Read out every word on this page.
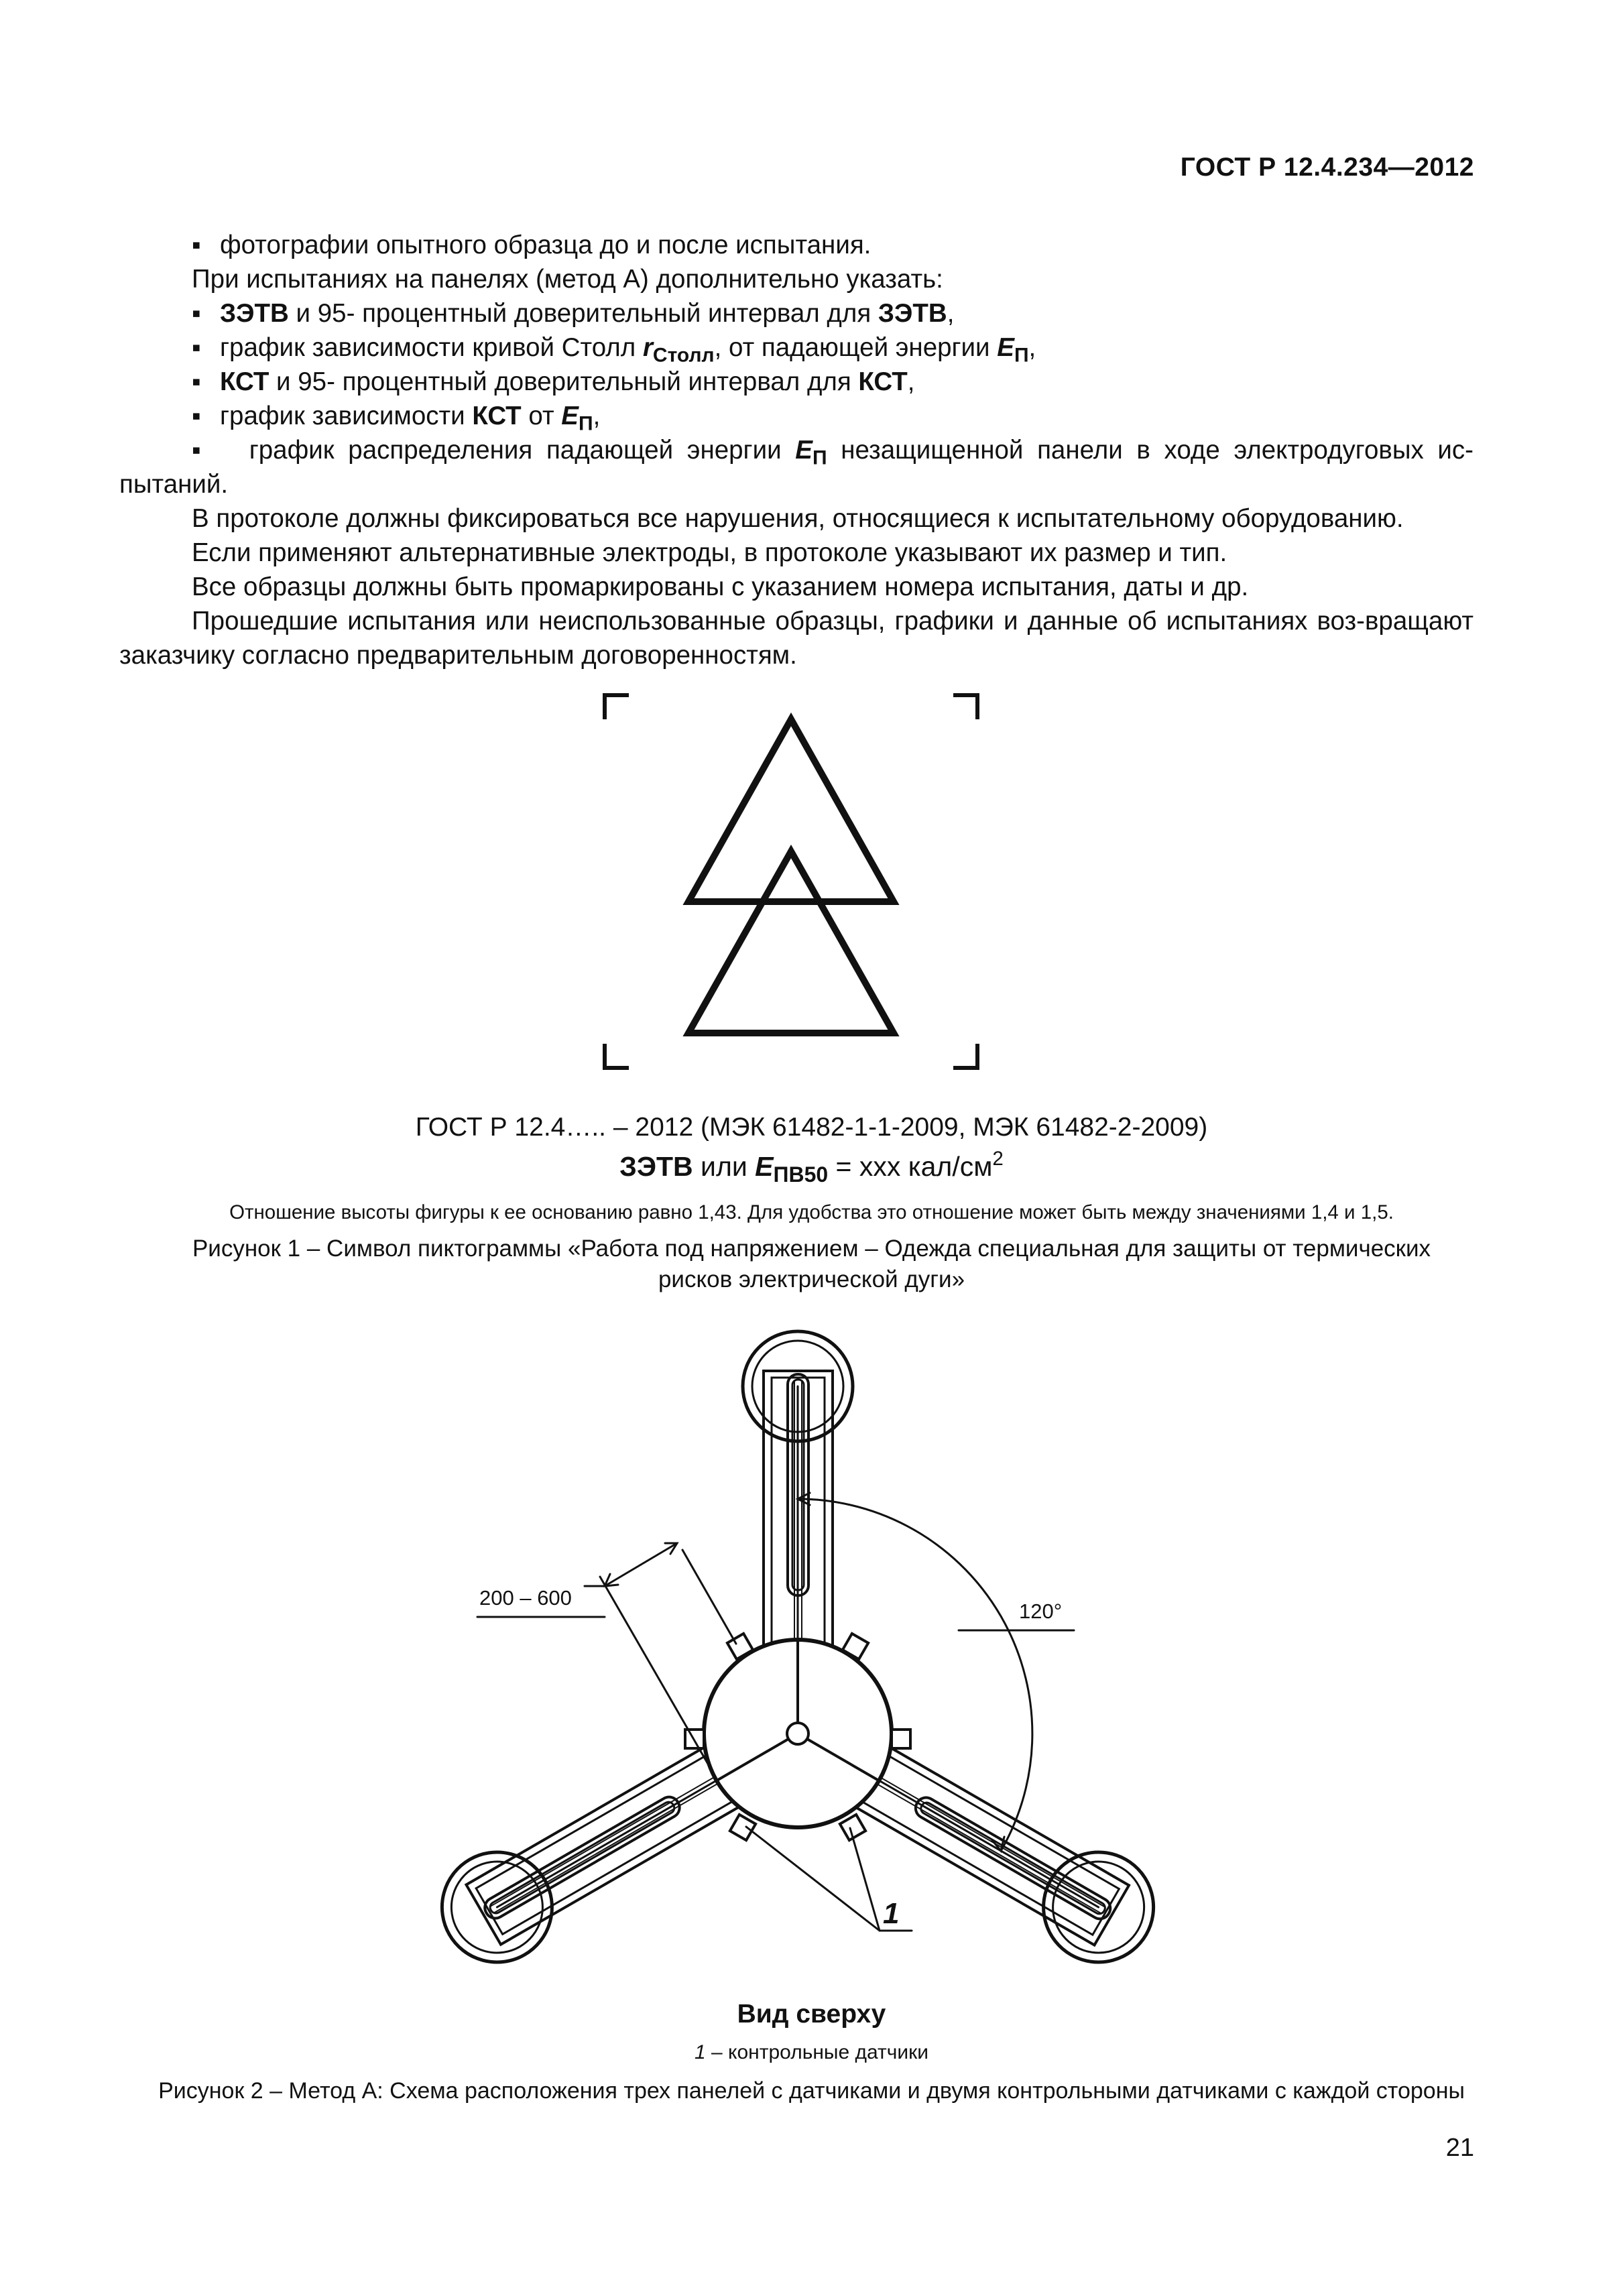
ГОСТ Р 12.4.234—2012

▪ фотографии опытного образца до и после испытания.

При испытаниях на панелях (метод А) дополнительно указать:

▪ ЗЭТВ и 95- процентный доверительный интервал для ЗЭТВ,

▪ график зависимости кривой Столл $r_{Столл}$, от падающей энергии $E_П$,

▪ КСТ и 95- процентный доверительный интервал для КСТ,

▪ график зависимости КСТ от $E_П$,

▪   график распределения падающей энергии $E_П$ незащищенной панели в ходе электродуговых ис-пытаний.

В протоколе должны фиксироваться все нарушения, относящиеся к испытательному оборудованию.

Если применяют альтернативные электроды, в протоколе указывают их размер и тип.

Все образцы должны быть промаркированы с указанием номера испытания, даты и др.

Прошедшие испытания или неиспользованные образцы, графики и данные об испытаниях воз-вращают заказчику согласно предварительным договоренностям.

ГОСТ Р 12.4….. – 2012 (МЭК 61482-1-1-2009, МЭК 61482-2-2009)
ЗЭТВ или $E_{ПВ50}$ = xxx кал/$см^2$
Отношение высоты фигуры к ее основанию равно 1,43. Для удобства это отношение может быть между значениями 1,4 и 1,5.
Рисунок 1 – Символ пиктограммы «Работа под напряжением – Одежда специальная для защиты от термических
рисков электрической дуги»
200 – 600
120°
1
Вид сверху
1 – контрольные датчики
Рисунок 2 – Метод А: Схема расположения трех панелей с датчиками и двумя контрольными датчиками с каждой стороны
21
